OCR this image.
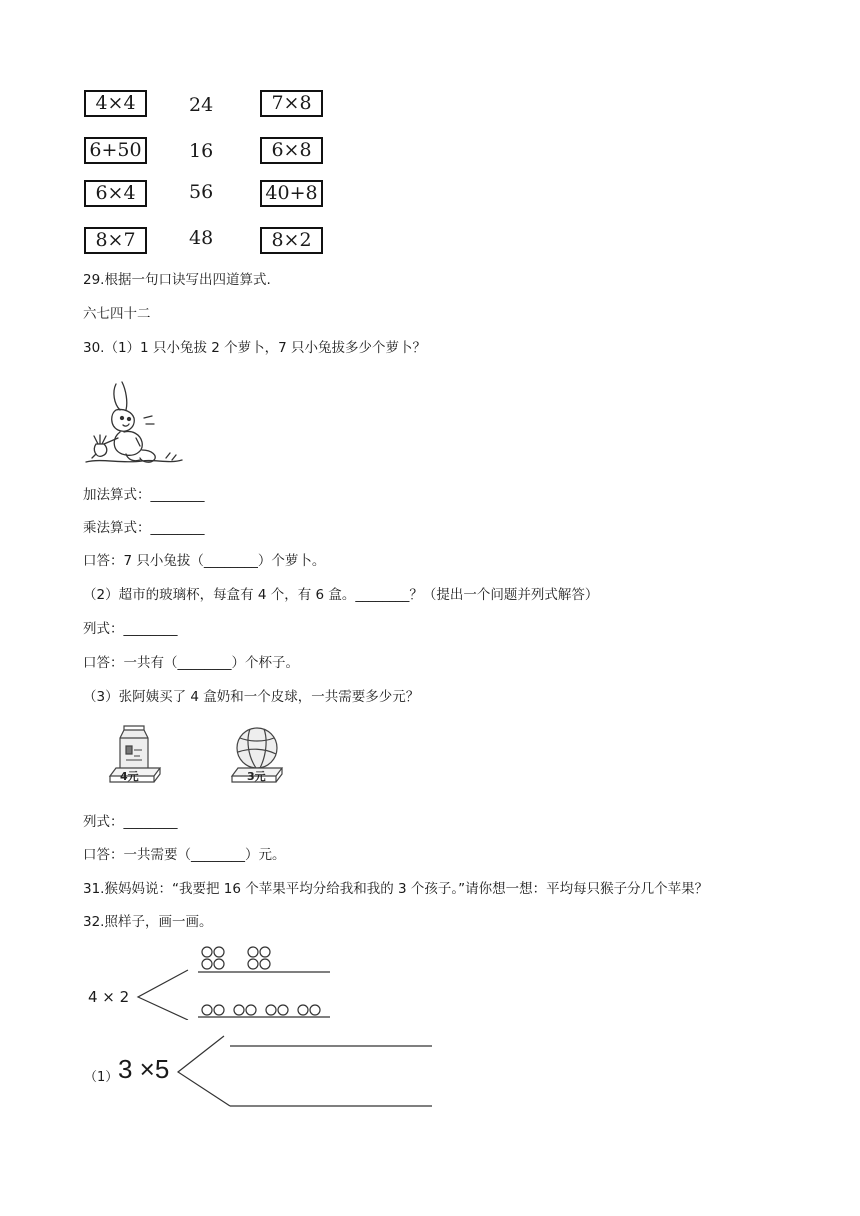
4×4
6+50
6×4
8×7
24
16
56
48
7×8
6×8
40+8
8×2
29.根据一句口诀写出四道算式.
六七四十二
30.（1）1 只小兔拔 2 个萝卜，7 只小兔拔多少个萝卜？
加法算式：________
乘法算式：________
口答：7 只小兔拔（________）个萝卜。
（2）超市的玻璃杯，每盒有 4 个，有 6 盒。________？（提出一个问题并列式解答）
列式：________
口答：一共有（________）个杯子。
（3）张阿姨买了 4 盒奶和一个皮球，一共需要多少元？
4元	3元
列式：________
口答：一共需要（________）元。
31.猴妈妈说：“我要把 16 个苹果平均分给我和我的 3 个孩子。”请你想一想：平均每只猴子分几个苹果？
32.照样子，画一画。
4 × 2
（1） 3 ×5
